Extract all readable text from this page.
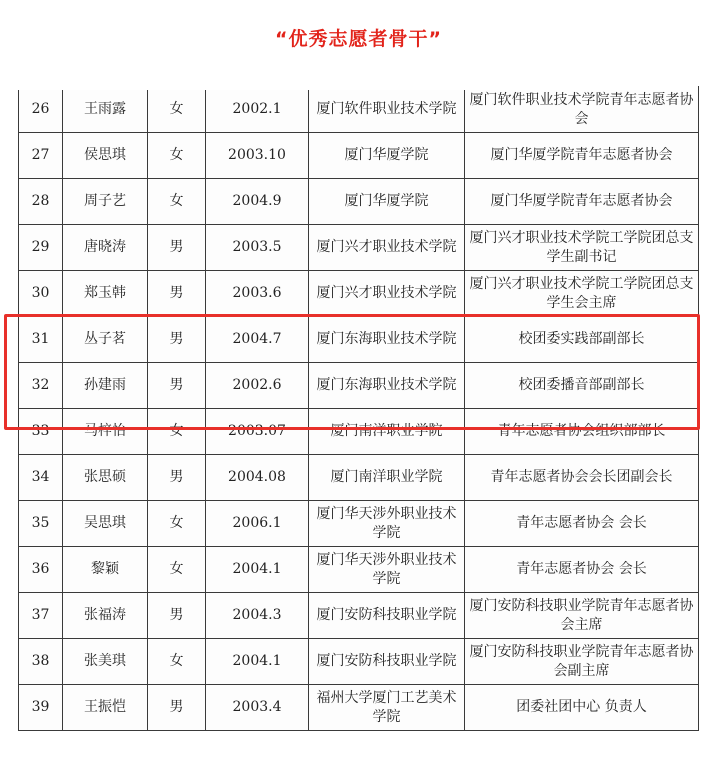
“优秀志愿者骨干”
26	王雨露	女	2002.1	厦门软件职业技术学院	厦门软件职业技术学院青年志愿者协会
27	侯思琪	女	2003.10	厦门华厦学院	厦门华厦学院青年志愿者协会
28	周子艺	女	2004.9	厦门华厦学院	厦门华厦学院青年志愿者协会
29	唐晓涛	男	2003.5	厦门兴才职业技术学院	厦门兴才职业技术学院工学院团总支学生副书记
30	郑玉韩	男	2003.6	厦门兴才职业技术学院	厦门兴才职业技术学院工学院团总支学生会主席
31	丛子茗	男	2004.7	厦门东海职业技术学院	校团委实践部副部长
32	孙建雨	男	2002.6	厦门东海职业技术学院	校团委播音部副部长
33	马梓怡	女	2003.07	厦门南洋职业学院	青年志愿者协会组织部部长
34	张思硕	男	2004.08	厦门南洋职业学院	青年志愿者协会会长团副会长
35	吴思琪	女	2006.1	厦门华天涉外职业技术学院	青年志愿者协会 会长
36	黎颖	女	2004.1	厦门华天涉外职业技术学院	青年志愿者协会 会长
37	张福涛	男	2004.3	厦门安防科技职业学院	厦门安防科技职业学院青年志愿者协会主席
38	张美琪	女	2004.1	厦门安防科技职业学院	厦门安防科技职业学院青年志愿者协会副主席
39	王振恺	男	2003.4	福州大学厦门工艺美术学院	团委社团中心 负责人
